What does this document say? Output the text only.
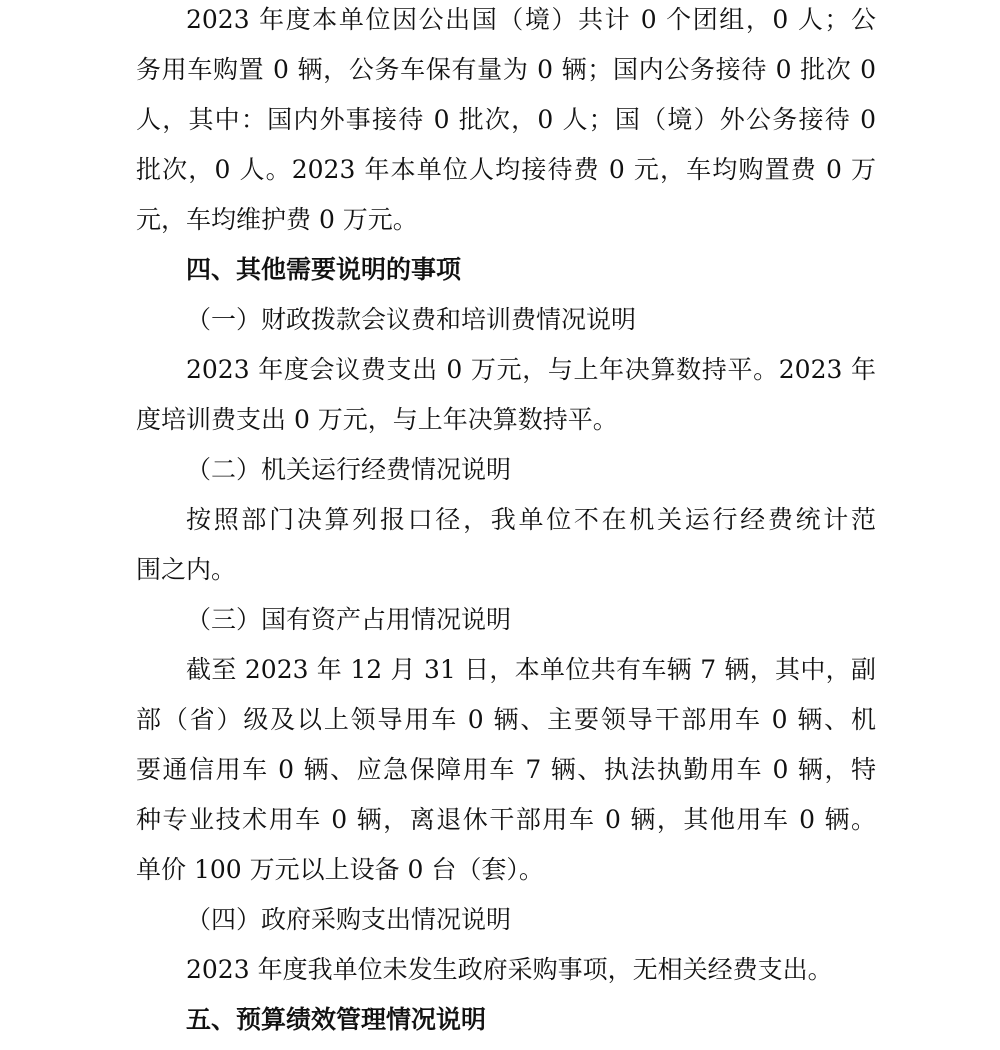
2023 年度本单位因公出国（境）共计 0 个团组，0 人；公
务用车购置 0 辆，公务车保有量为 0 辆；国内公务接待 0 批次 0
人，其中：国内外事接待 0 批次，0 人；国（境）外公务接待 0
批次，0 人。2023 年本单位人均接待费 0 元，车均购置费 0 万
元，车均维护费 0 万元。
四、其他需要说明的事项
（一）财政拨款会议费和培训费情况说明
2023 年度会议费支出 0 万元，与上年决算数持平。2023 年
度培训费支出 0 万元，与上年决算数持平。
（二）机关运行经费情况说明
按照部门决算列报口径，我单位不在机关运行经费统计范
围之内。
（三）国有资产占用情况说明
截至 2023 年 12 月 31 日，本单位共有车辆 7 辆，其中，副
部（省）级及以上领导用车 0 辆、主要领导干部用车 0 辆、机
要通信用车 0 辆、应急保障用车 7 辆、执法执勤用车 0 辆，特
种专业技术用车 0 辆，离退休干部用车 0 辆，其他用车 0 辆。
单价 100 万元以上设备 0 台（套）。
（四）政府采购支出情况说明
2023 年度我单位未发生政府采购事项，无相关经费支出。
五、预算绩效管理情况说明
